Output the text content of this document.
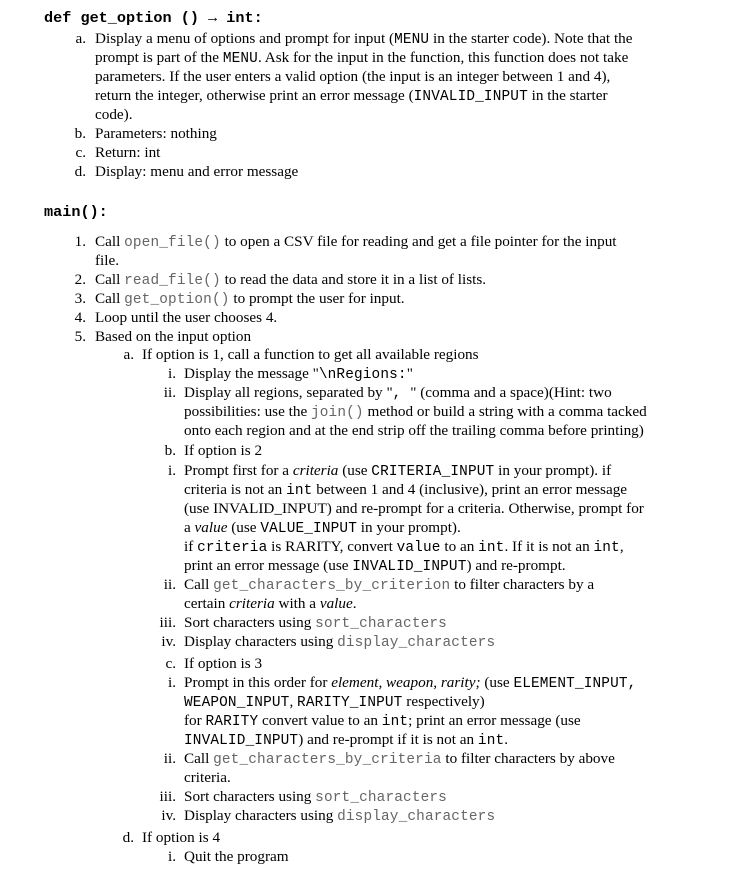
def get_option () → int:
main():
a. Display a menu of options and prompt for input (MENU in the starter code). Note that the
prompt is part of the MENU. Ask for the input in the function, this function does not take
parameters. If the user enters a valid option (the input is an integer between 1 and 4),
return the integer, otherwise print an error message (INVALID_INPUT in the starter
code).
b. Parameters: nothing
c. Return: int
d. Display: menu and error message
1. Call open_file() to open a CSV file for reading and get a file pointer for the input
file.
2. Call read_file() to read the data and store it in a list of lists.
3. Call get_option() to prompt the user for input.
4. Loop until the user chooses 4.
5. Based on the input option
a. If option is 1, call a function to get all available regions
i. Display the message "\nRegions:"
ii. Display all regions, separated by ", " (comma and a space)(Hint: two
possibilities: use the join() method or build a string with a comma tacked
onto each region and at the end strip off the trailing comma before printing)
b. If option is 2
i. Prompt first for a criteria (use CRITERIA_INPUT in your prompt). if
criteria is not an int between 1 and 4 (inclusive), print an error message
(use INVALID_INPUT) and re-prompt for a criteria. Otherwise, prompt for
a value (use VALUE_INPUT in your prompt).
if criteria is RARITY, convert value to an int. If it is not an int,
print an error message (use INVALID_INPUT) and re-prompt.
ii. Call get_characters_by_criterion to filter characters by a
certain criteria with a value.
iii. Sort characters using sort_characters
iv. Display characters using display_characters
c. If option is 3
i. Prompt in this order for element, weapon, rarity; (use ELEMENT_INPUT,
WEAPON_INPUT, RARITY_INPUT respectively)
for RARITY convert value to an int; print an error message (use
INVALID_INPUT) and re-prompt if it is not an int.
ii. Call get_characters_by_criteria to filter characters by above
criteria.
iii. Sort characters using sort_characters
iv. Display characters using display_characters
d. If option is 4
i. Quit the program
